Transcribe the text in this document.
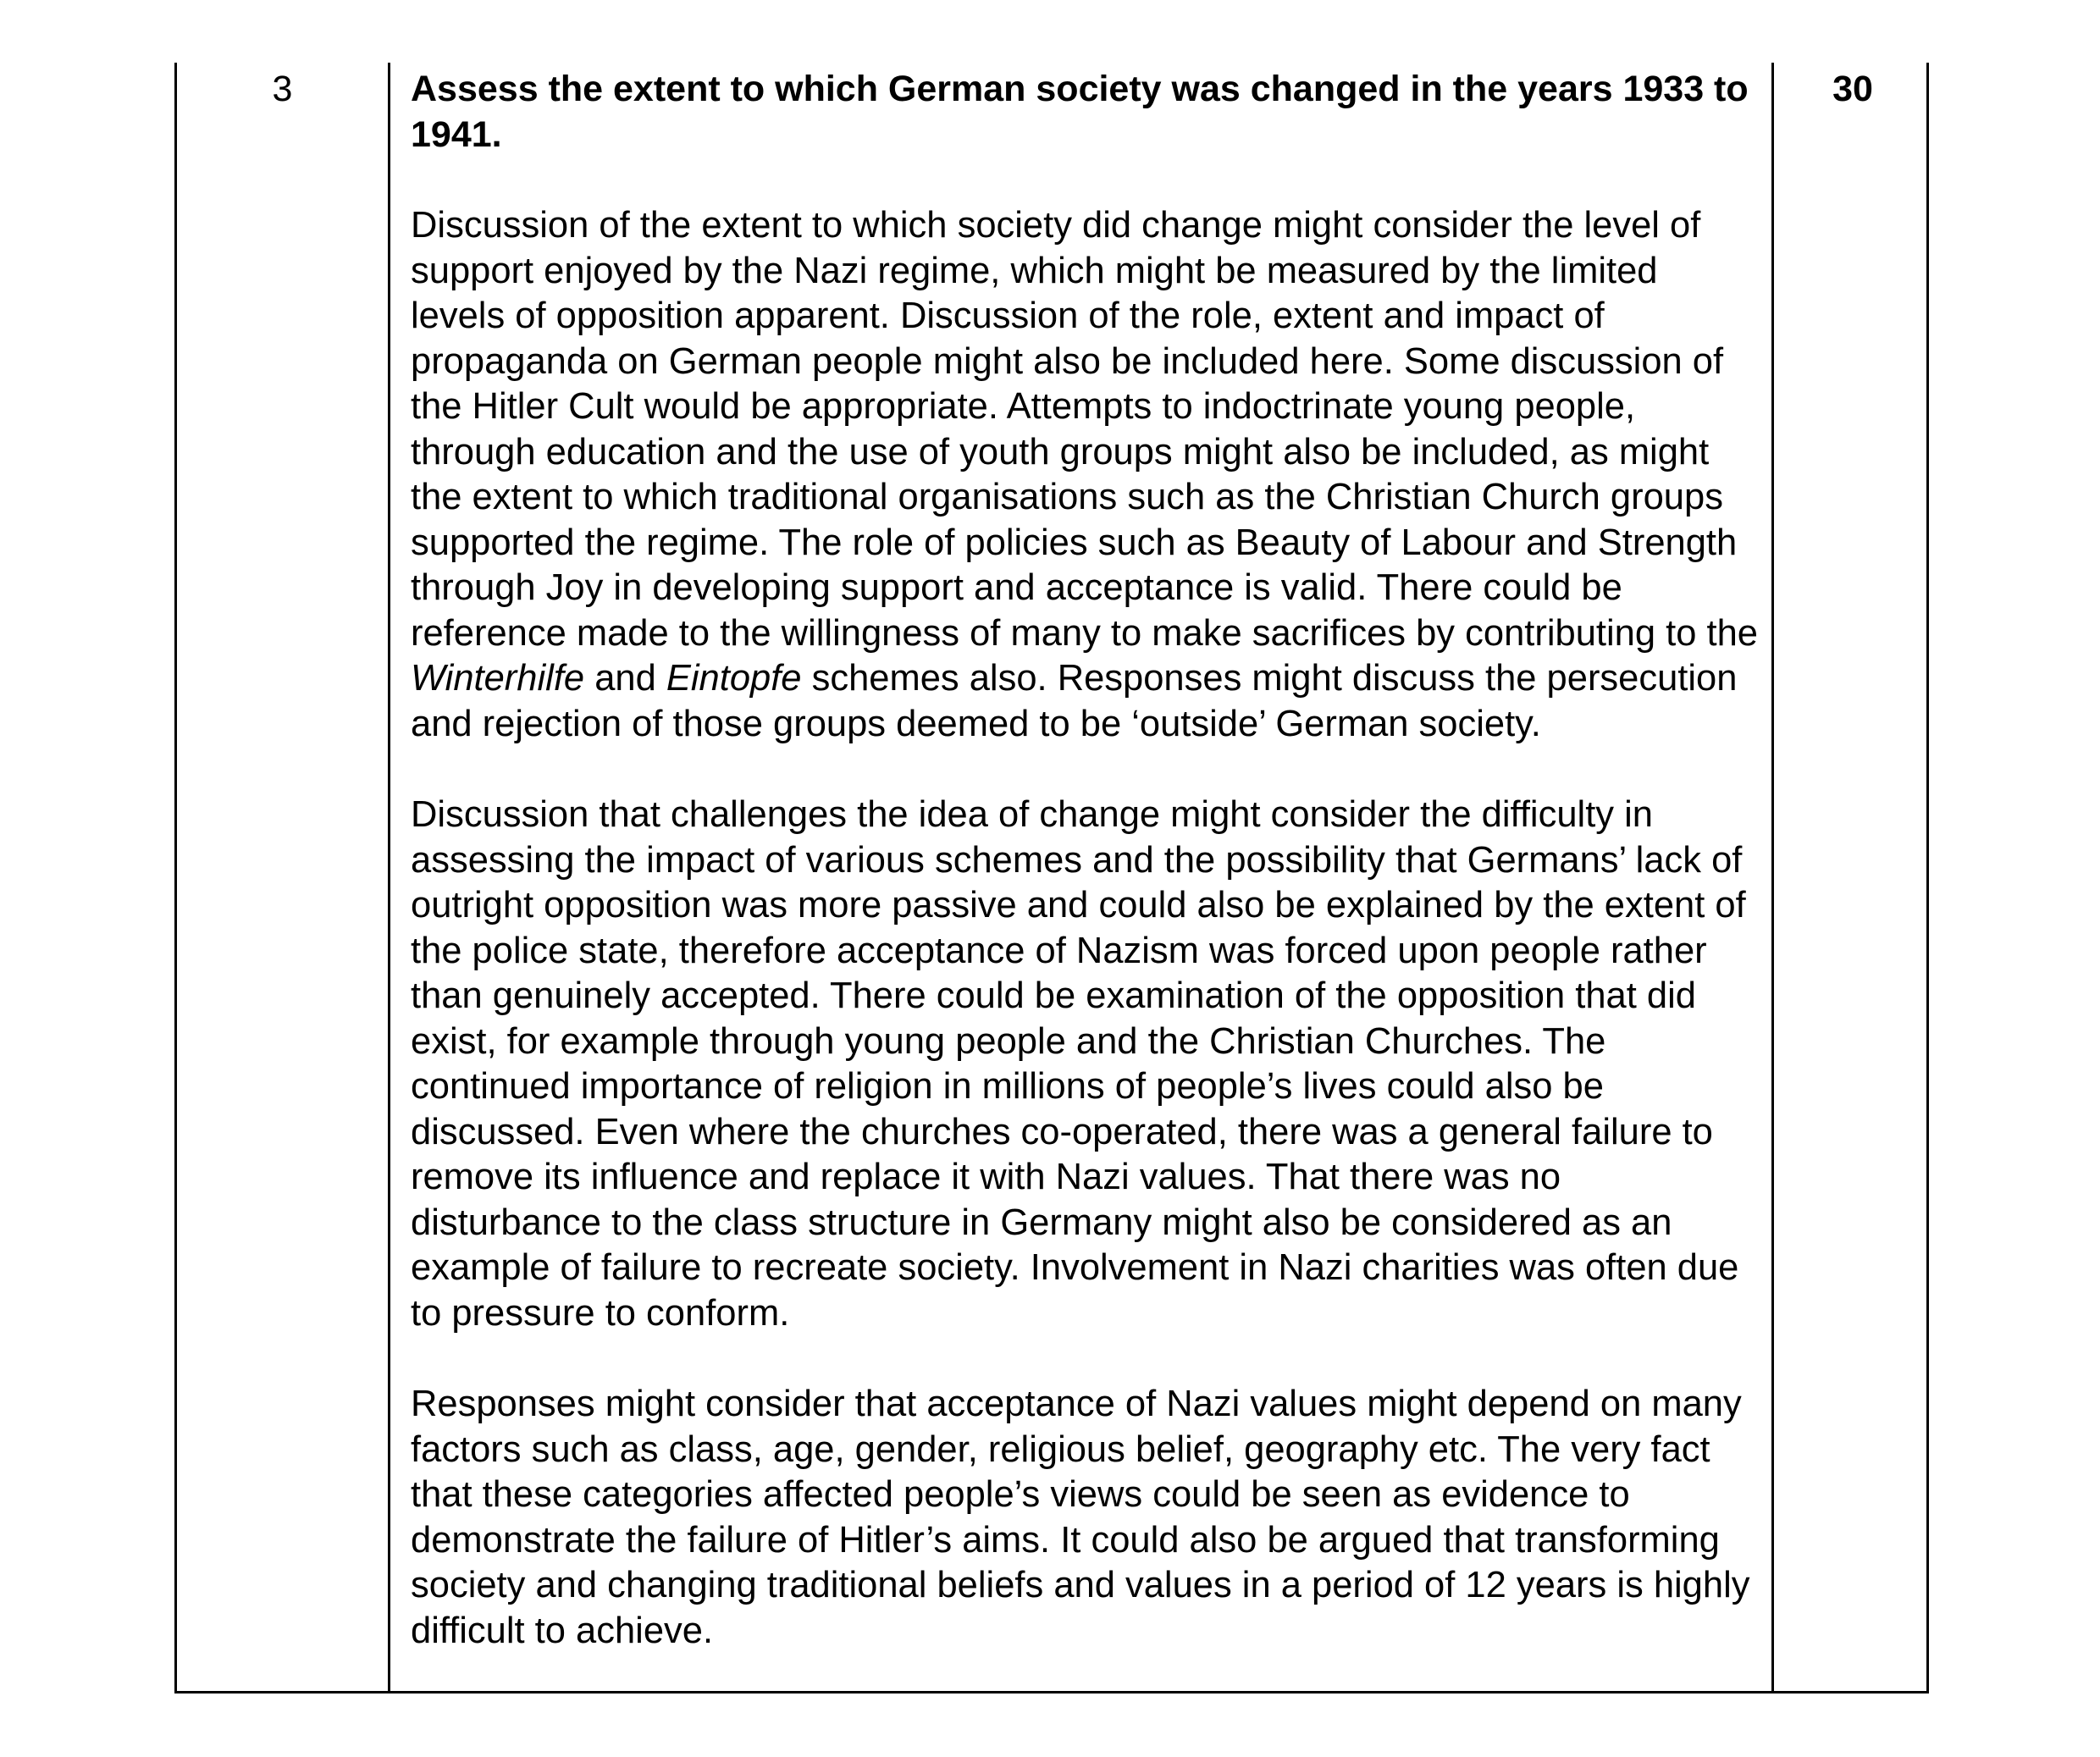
3	Assess the extent to which German society was changed in the years 1933 to 1941.

Discussion of the extent to which society did change might consider the level of support enjoyed by the Nazi regime, which might be measured by the limited levels of opposition apparent. Discussion of the role, extent and impact of propaganda on German people might also be included here. Some discussion of the Hitler Cult would be appropriate. Attempts to indoctrinate young people, through education and the use of youth groups might also be included, as might the extent to which traditional organisations such as the Christian Church groups supported the regime. The role of policies such as Beauty of Labour and Strength through Joy in developing support and acceptance is valid. There could be reference made to the willingness of many to make sacrifices by contributing to the Winterhilfe and Eintopfe schemes also. Responses might discuss the persecution and rejection of those groups deemed to be ‘outside’ German society.

Discussion that challenges the idea of change might consider the difficulty in assessing the impact of various schemes and the possibility that Germans’ lack of outright opposition was more passive and could also be explained by the extent of the police state, therefore acceptance of Nazism was forced upon people rather than genuinely accepted. There could be examination of the opposition that did exist, for example through young people and the Christian Churches. The continued importance of religion in millions of people’s lives could also be discussed. Even where the churches co-operated, there was a general failure to remove its influence and replace it with Nazi values. That there was no disturbance to the class structure in Germany might also be considered as an example of failure to recreate society. Involvement in Nazi charities was often due to pressure to conform.

Responses might consider that acceptance of Nazi values might depend on many factors such as class, age, gender, religious belief, geography etc. The very fact that these categories affected people’s views could be seen as evidence to demonstrate the failure of Hitler’s aims. It could also be argued that transforming society and changing traditional beliefs and values in a period of 12 years is highly difficult to achieve.

30
